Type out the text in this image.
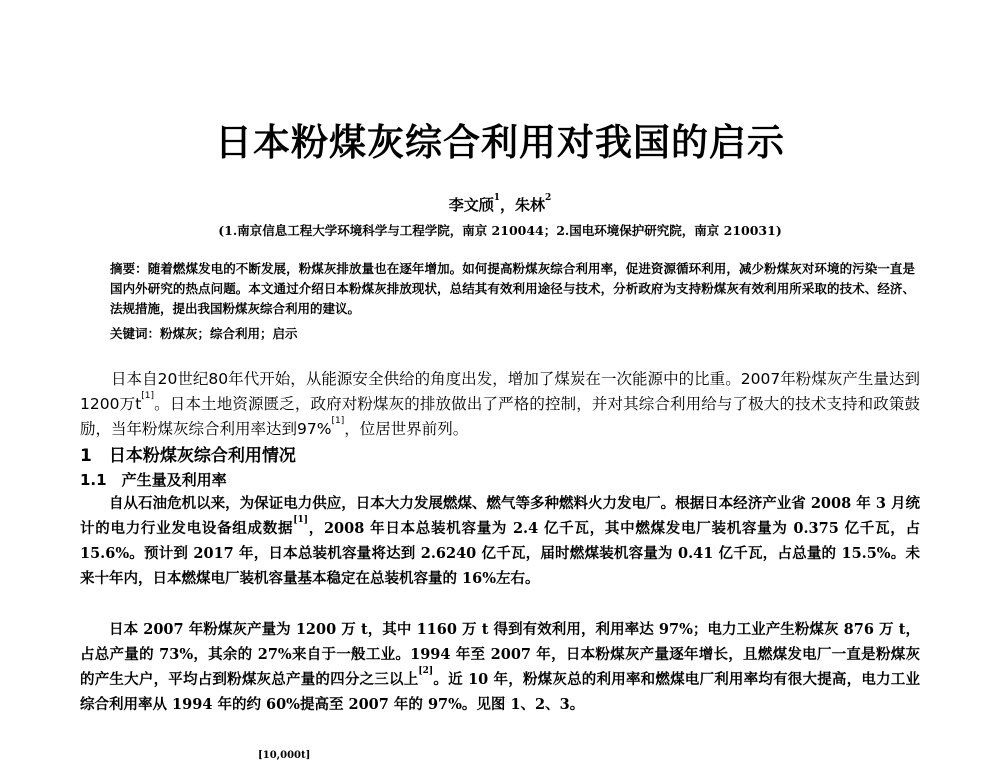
日本粉煤灰综合利用对我国的启示
李文颀$^1$，朱林$^2$
(1.南京信息工程大学环境科学与工程学院，南京 210044；2.国电环境保护研究院，南京 210031)
摘要：随着燃煤发电的不断发展，粉煤灰排放量也在逐年增加。如何提高粉煤灰综合利用率，促进资源循环利用，减少粉煤灰对环境的污染一直是国内外研究的热点问题。本文通过介绍日本粉煤灰排放现状，总结其有效利用途径与技术，分析政府为支持粉煤灰有效利用所采取的技术、经济、法规措施，提出我国粉煤灰综合利用的建议。
关键词：粉煤灰；综合利用；启示
日本自20世纪80年代开始，从能源安全供给的角度出发，增加了煤炭在一次能源中的比重。2007年粉煤灰产生量达到1200万t[1]。日本土地资源匮乏，政府对粉煤灰的排放做出了严格的控制，并对其综合利用给与了极大的技术支持和政策鼓励，当年粉煤灰综合利用率达到97%[1]，位居世界前列。
1　日本粉煤灰综合利用情况
1.1　产生量及利用率
自从石油危机以来，为保证电力供应，日本大力发展燃煤、燃气等多种燃料火力发电厂。根据日本经济产业省 2008 年 3 月统计的电力行业发电设备组成数据[1]，2008 年日本总装机容量为 2.4 亿千瓦，其中燃煤发电厂装机容量为 0.375 亿千瓦，占 15.6%。预计到 2017 年，日本总装机容量将达到 2.6240 亿千瓦，届时燃煤装机容量为 0.41 亿千瓦，占总量的 15.5%。未来十年内，日本燃煤电厂装机容量基本稳定在总装机容量的 16%左右。
日本 2007 年粉煤灰产量为 1200 万 t，其中 1160 万 t 得到有效利用，利用率达 97%；电力工业产生粉煤灰 876 万 t，占总产量的 73%，其余的 27%来自于一般工业。1994 年至 2007 年，日本粉煤灰产量逐年增长，且燃煤发电厂一直是粉煤灰的产生大户，平均占到粉煤灰总产量的四分之三以上[2]。近 10 年，粉煤灰总的利用率和燃煤电厂利用率均有很大提高，电力工业综合利用率从 1994 年的约 60%提高至 2007 年的 97%。见图 1、2、3。
[10,000t]
